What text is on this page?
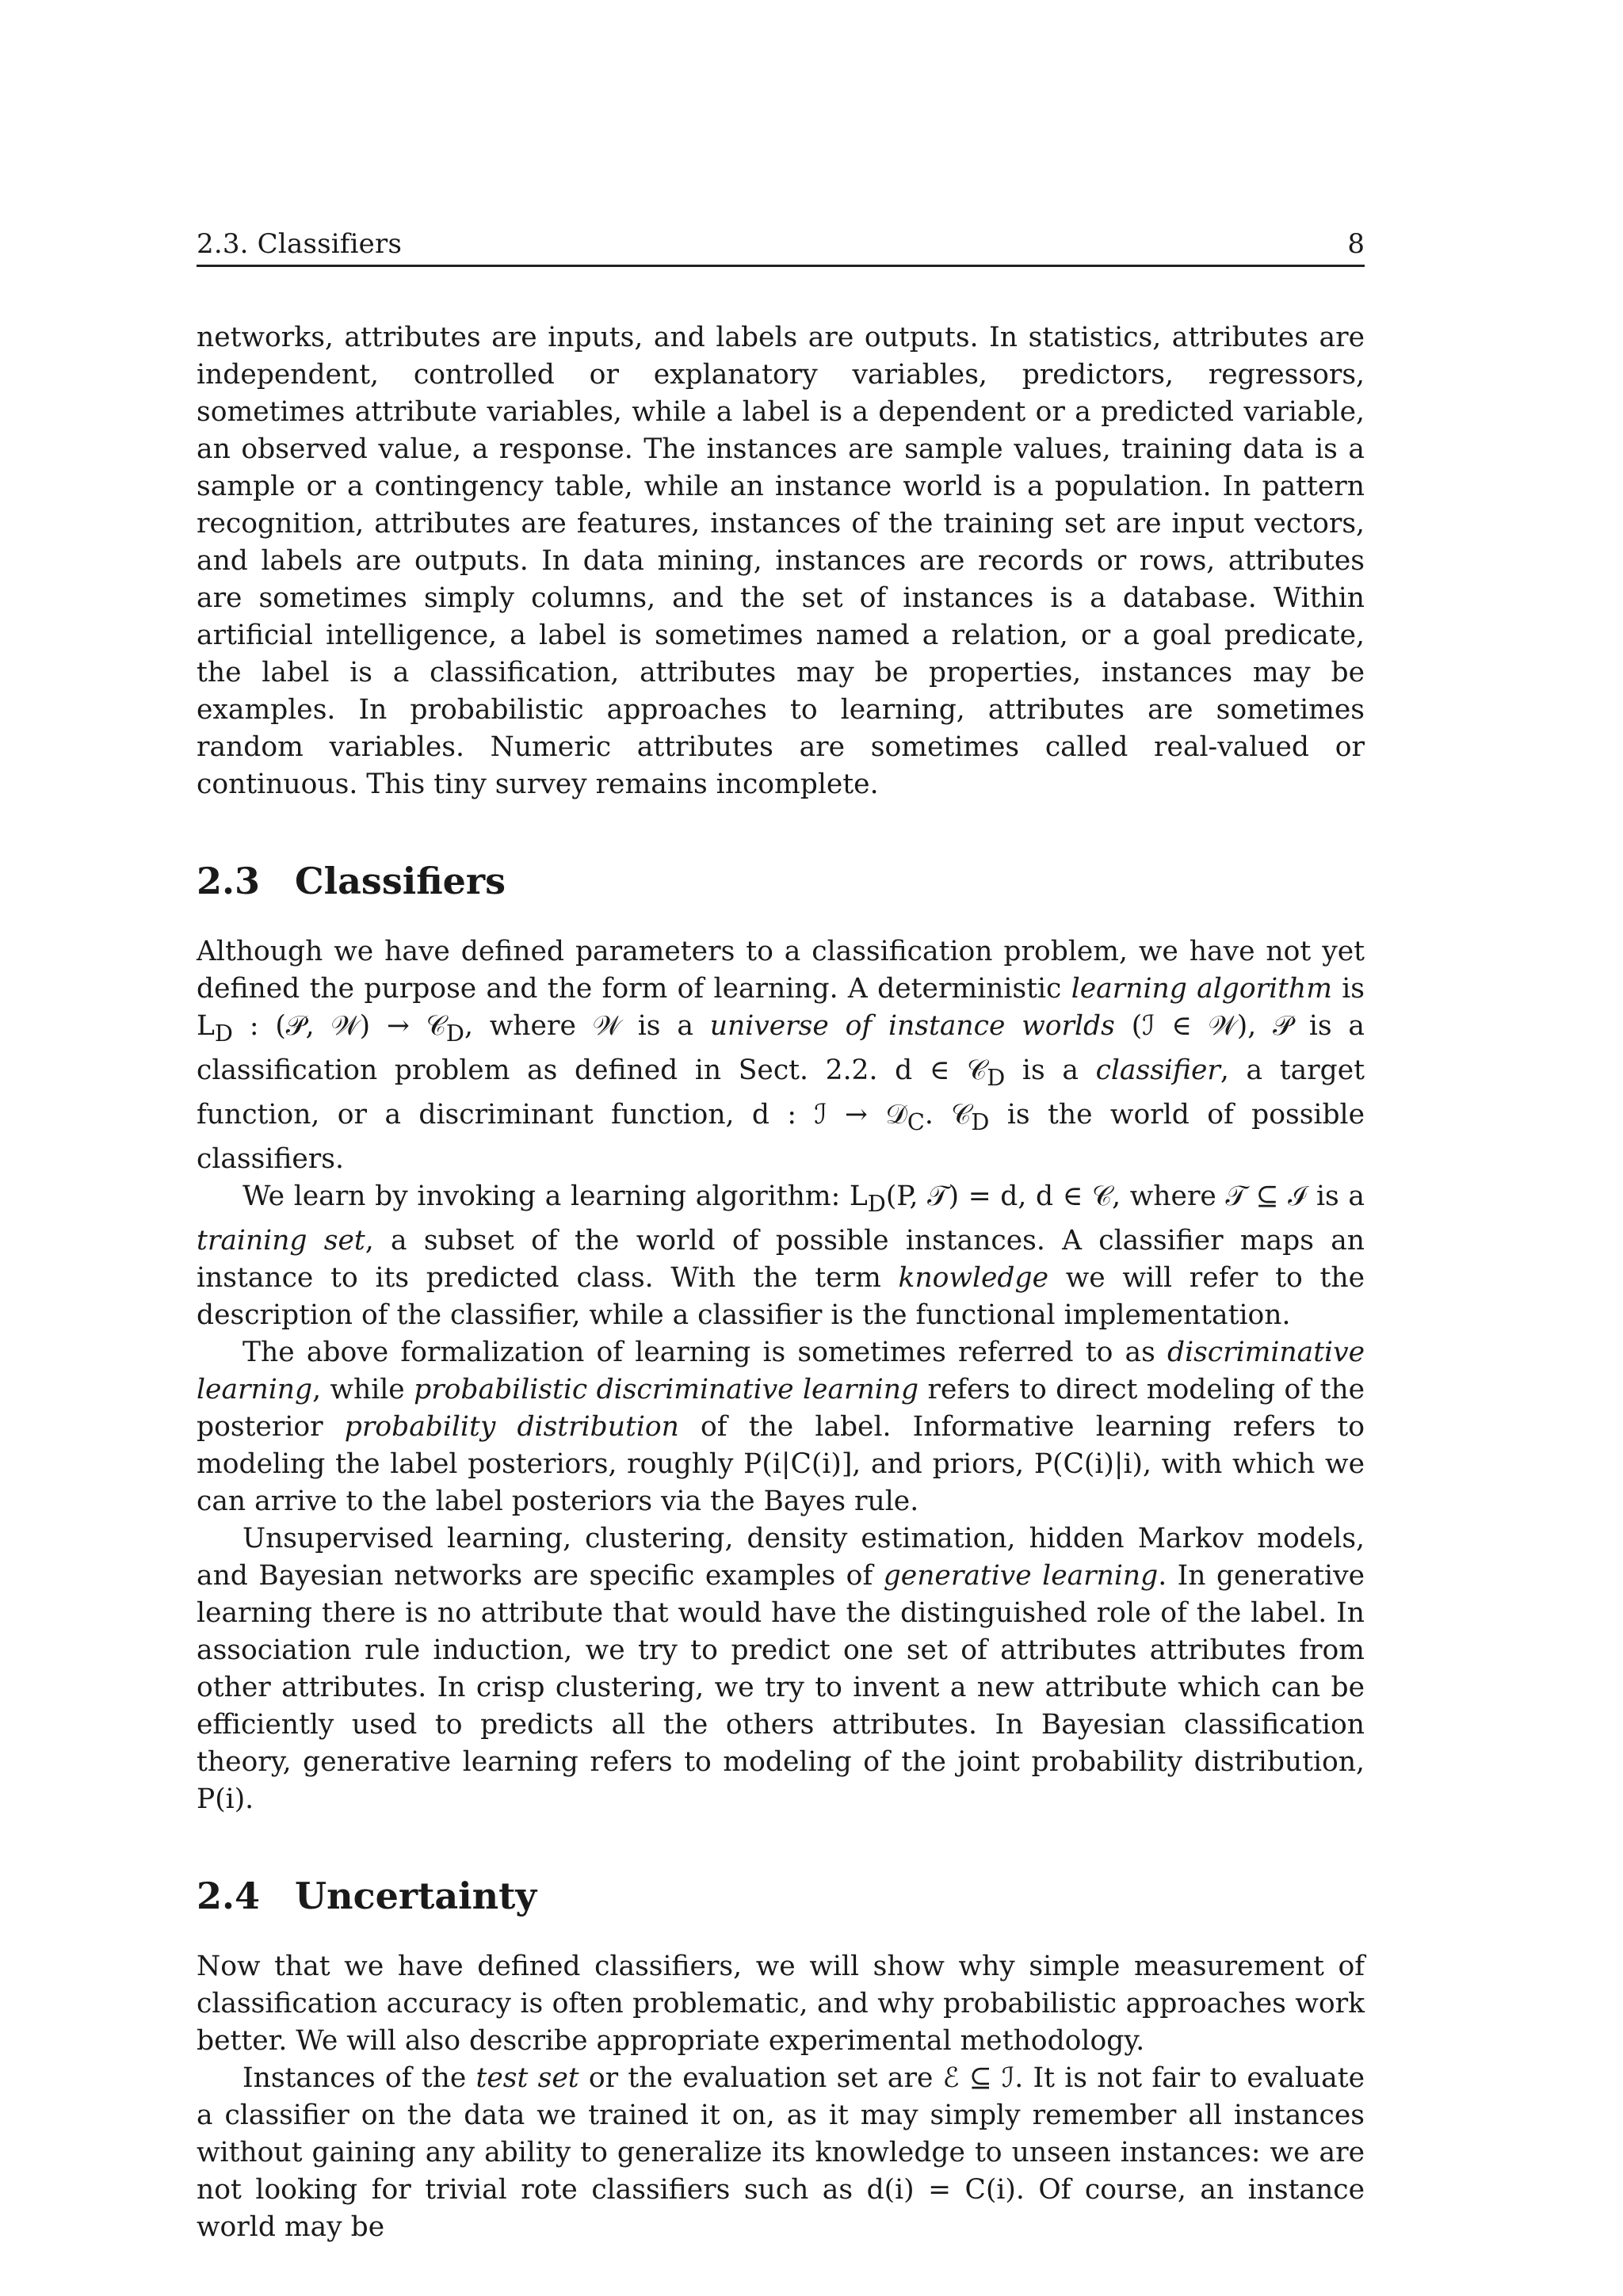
2.3. Classifiers	8

networks, attributes are inputs, and labels are outputs. In statistics, attributes are independent, controlled or explanatory variables, predictors, regressors, sometimes attribute variables, while a label is a dependent or a predicted variable, an observed value, a response. The instances are sample values, training data is a sample or a contingency table, while an instance world is a population. In pattern recognition, attributes are features, instances of the training set are input vectors, and labels are outputs. In data mining, instances are records or rows, attributes are sometimes simply columns, and the set of instances is a database. Within artificial intelligence, a label is sometimes named a relation, or a goal predicate, the label is a classification, attributes may be properties, instances may be examples. In probabilistic approaches to learning, attributes are sometimes random variables. Numeric attributes are sometimes called real-valued or continuous. This tiny survey remains incomplete.

2.3 Classifiers

Although we have defined parameters to a classification problem, we have not yet defined the purpose and the form of learning. A deterministic learning algorithm is $L_D$ : (𝒫, 𝒲) → 𝒞$_D$, where 𝒲 is a universe of instance worlds (ℐ ∈ 𝒲), 𝒫 is a classification problem as defined in Sect. 2.2. d ∈ 𝒞$_D$ is a classifier, a target function, or a discriminant function, d : ℐ → 𝒟$_C$. 𝒞$_D$ is the world of possible classifiers.

We learn by invoking a learning algorithm: $L_D(P$, 𝒯) = d, d ∈ 𝒞, where 𝒯 ⊆ ℐ is a training set, a subset of the world of possible instances. A classifier maps an instance to its predicted class. With the term knowledge we will refer to the description of the classifier, while a classifier is the functional implementation.

The above formalization of learning is sometimes referred to as discriminative learning, while probabilistic discriminative learning refers to direct modeling of the posterior probability distribution of the label. Informative learning refers to modeling the label posteriors, roughly P(i|C(i)], and priors, P(C(i)|i), with which we can arrive to the label posteriors via the Bayes rule.

Unsupervised learning, clustering, density estimation, hidden Markov models, and Bayesian networks are specific examples of generative learning. In generative learning there is no attribute that would have the distinguished role of the label. In association rule induction, we try to predict one set of attributes attributes from other attributes. In crisp clustering, we try to invent a new attribute which can be efficiently used to predicts all the others attributes. In Bayesian classification theory, generative learning refers to modeling of the joint probability distribution, P(i).

2.4 Uncertainty

Now that we have defined classifiers, we will show why simple measurement of classification accuracy is often problematic, and why probabilistic approaches work better. We will also describe appropriate experimental methodology.

Instances of the test set or the evaluation set are ℰ ⊆ ℐ. It is not fair to evaluate a classifier on the data we trained it on, as it may simply remember all instances without gaining any ability to generalize its knowledge to unseen instances: we are not looking for trivial rote classifiers such as d(i) = C(i). Of course, an instance world may be
